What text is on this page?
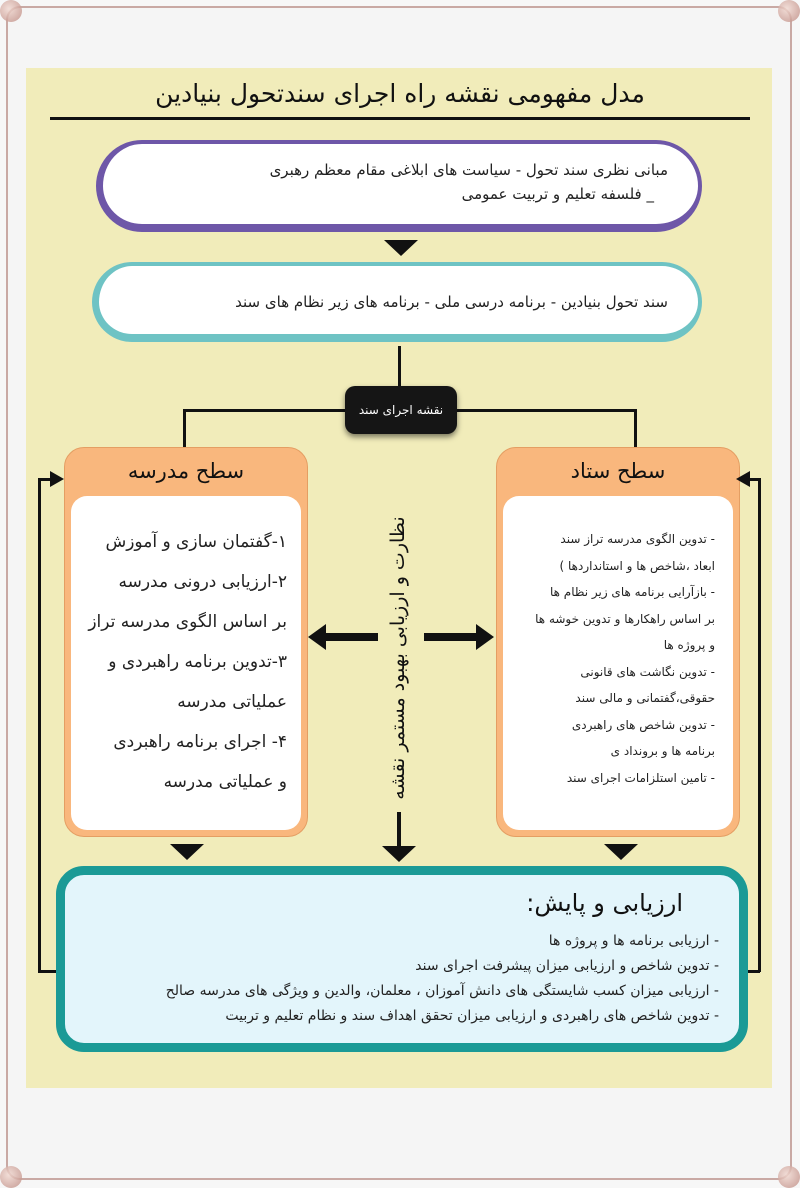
مدل مفهومی نقشه راه اجرای سندتحول بنیادین
مبانی نظری سند تحول - سیاست های ابلاغی مقام معظم رهبری
_ فلسفه تعلیم و تربیت عمومی
سند تحول بنیادین - برنامه درسی ملی - برنامه های زیر نظام های سند
نقشه اجرای سند
سطح مدرسه
۱-گفتمان سازی و آموزش
۲-ارزیابی درونی مدرسه
بر اساس الگوی مدرسه تراز
۳-تدوین برنامه راهبردی و
عملیاتی مدرسه
۴- اجرای برنامه راهبردی
و عملیاتی مدرسه
سطح ستاد
- تدوین الگوی مدرسه تراز سند
ابعاد ،شاخص ها و استانداردها )
- بازآرایی برنامه های زیر نظام ها
بر اساس راهکارها و تدوین خوشه ها
و پروژه ها
- تدوین نگاشت های قانونی
حقوقی،گفتمانی و مالی سند
- تدوین شاخص های راهبردی
برنامه ها و برونداد ی
- تامین استلزامات اجرای سند
نظارت و ارزیابی بهبود مستمر نقشه
ارزیابی و پایش:
- ارزیابی برنامه ها و پروژه ها
- تدوین شاخص و ارزیابی میزان پیشرفت اجرای سند
- ارزیابی میزان کسب شایستگی های دانش آموزان ، معلمان، والدین و ویژگی های مدرسه صالح
- تدوین شاخص های راهبردی و ارزیابی میزان تحقق اهداف سند و نظام تعلیم و تربیت
